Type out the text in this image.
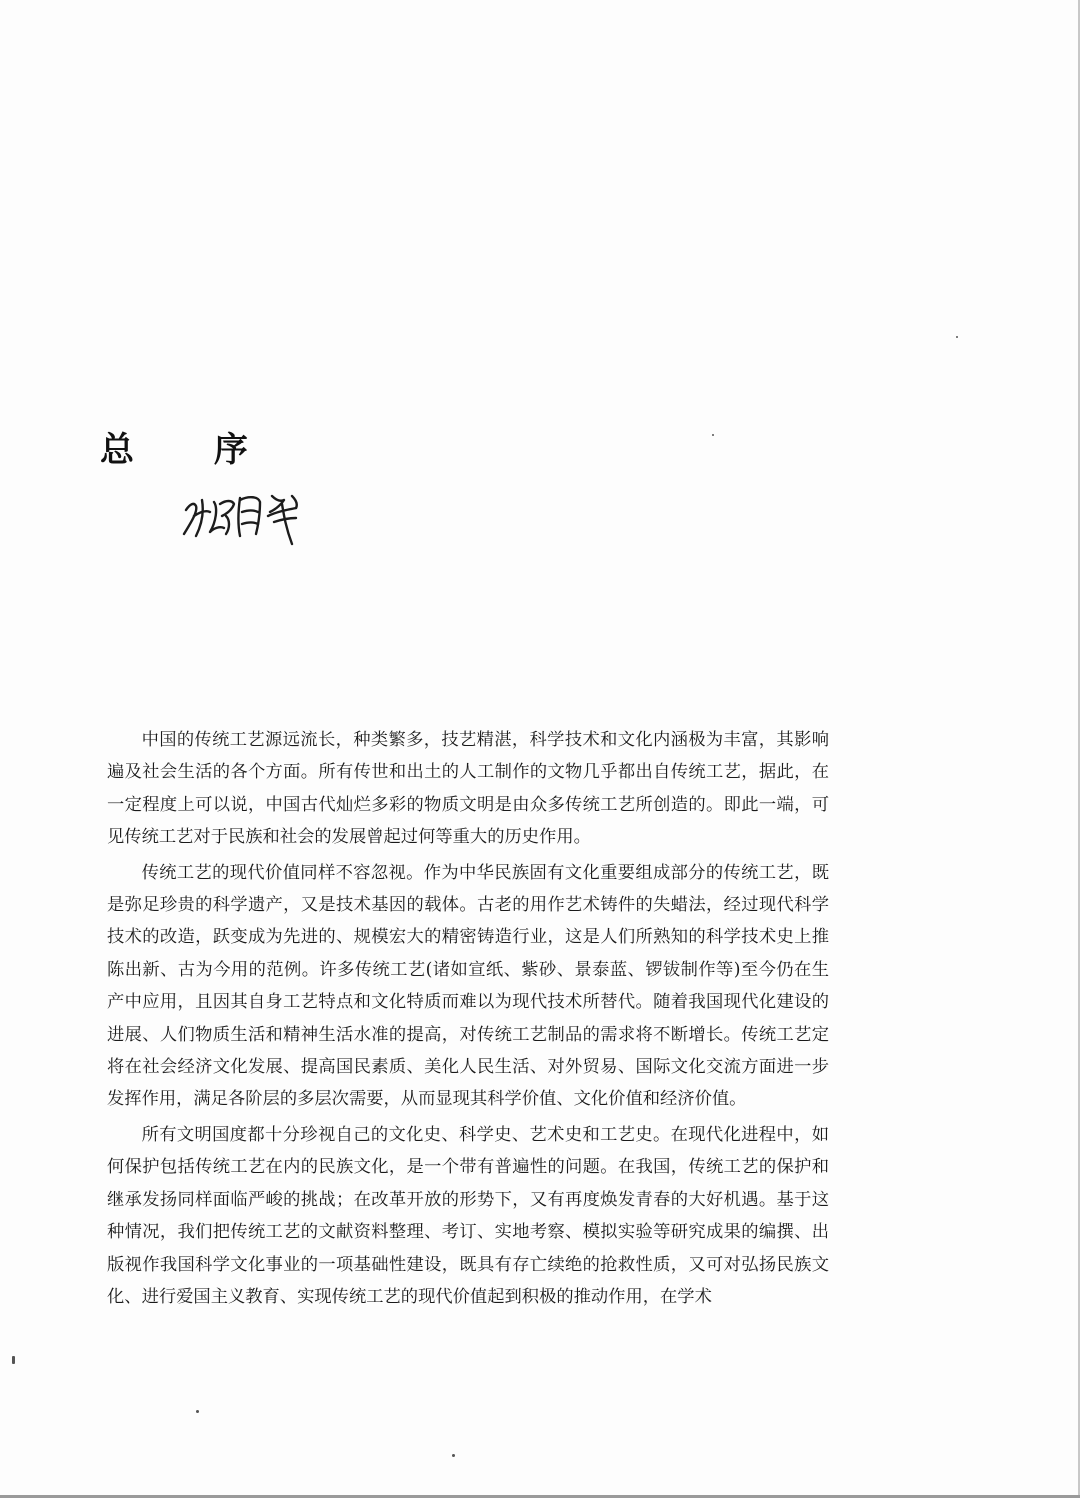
总 序

中国的传统工艺源远流长，种类繁多，技艺精湛，科学技术和文化内涵极为丰富，其影响遍及社会生活的各个方面。所有传世和出土的人工制作的文物几乎都出自传统工艺，据此，在一定程度上可以说，中国古代灿烂多彩的物质文明是由众多传统工艺所创造的。即此一端，可见传统工艺对于民族和社会的发展曾起过何等重大的历史作用。

传统工艺的现代价值同样不容忽视。作为中华民族固有文化重要组成部分的传统工艺，既是弥足珍贵的科学遗产，又是技术基因的载体。古老的用作艺术铸件的失蜡法，经过现代科学技术的改造，跃变成为先进的、规模宏大的精密铸造行业，这是人们所熟知的科学技术史上推陈出新、古为今用的范例。许多传统工艺(诸如宣纸、紫砂、景泰蓝、锣钹制作等)至今仍在生产中应用，且因其自身工艺特点和文化特质而难以为现代技术所替代。随着我国现代化建设的进展、人们物质生活和精神生活水准的提高，对传统工艺制品的需求将不断增长。传统工艺定将在社会经济文化发展、提高国民素质、美化人民生活、对外贸易、国际文化交流方面进一步发挥作用，满足各阶层的多层次需要，从而显现其科学价值、文化价值和经济价值。

所有文明国度都十分珍视自己的文化史、科学史、艺术史和工艺史。在现代化进程中，如何保护包括传统工艺在内的民族文化，是一个带有普遍性的问题。在我国，传统工艺的保护和继承发扬同样面临严峻的挑战；在改革开放的形势下，又有再度焕发青春的大好机遇。基于这种情况，我们把传统工艺的文献资料整理、考订、实地考察、模拟实验等研究成果的编撰、出版视作我国科学文化事业的一项基础性建设，既具有存亡续绝的抢救性质，又可对弘扬民族文化、进行爱国主义教育、实现传统工艺的现代价值起到积极的推动作用，在学术
